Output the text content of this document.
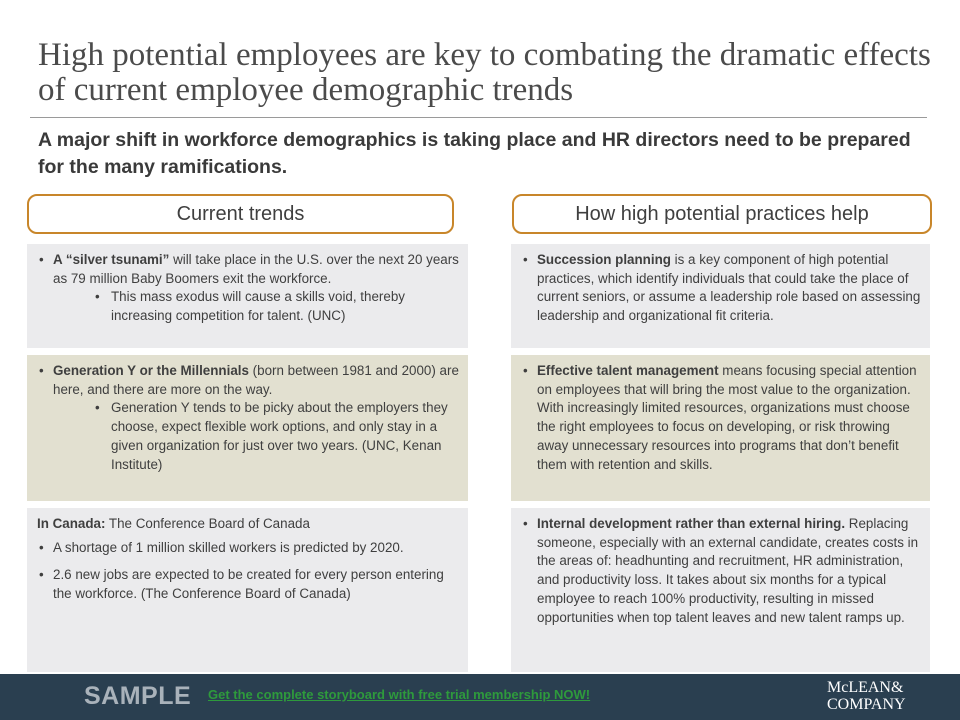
High potential employees are key to combating the dramatic effects of current employee demographic trends

A major shift in workforce demographics is taking place and HR directors need to be prepared for the many ramifications.

Current trends	How high potential practices help
• A “silver tsunami” will take place in the U.S. over the next 20 years as 79 million Baby Boomers exit the workforce.
• This mass exodus will cause a skills void, thereby increasing competition for talent. (UNC)
• Generation Y or the Millennials (born between 1981 and 2000) are here, and there are more on the way.
• Generation Y tends to be picky about the employers they choose, expect flexible work options, and only stay in a given organization for just over two years. (UNC, Kenan Institute)
In Canada: The Conference Board of Canada
• A shortage of 1 million skilled workers is predicted by 2020.
• 2.6 new jobs are expected to be created for every person entering the workforce. (The Conference Board of Canada)
• Succession planning is a key component of high potential practices, which identify individuals that could take the place of current seniors, or assume a leadership role based on assessing leadership and organizational fit criteria.
• Effective talent management means focusing special attention on employees that will bring the most value to the organization. With increasingly limited resources, organizations must choose the right employees to focus on developing, or risk throwing away unnecessary resources into programs that don’t benefit them with retention and skills.
• Internal development rather than external hiring. Replacing someone, especially with an external candidate, creates costs in the areas of: headhunting and recruitment, HR administration, and productivity loss. It takes about six months for a typical employee to reach 100% productivity, resulting in missed opportunities when top talent leaves and new talent ramps up.
SAMPLE Get the complete storyboard with free trial membership NOW!	McLEAN&
COMPANY
